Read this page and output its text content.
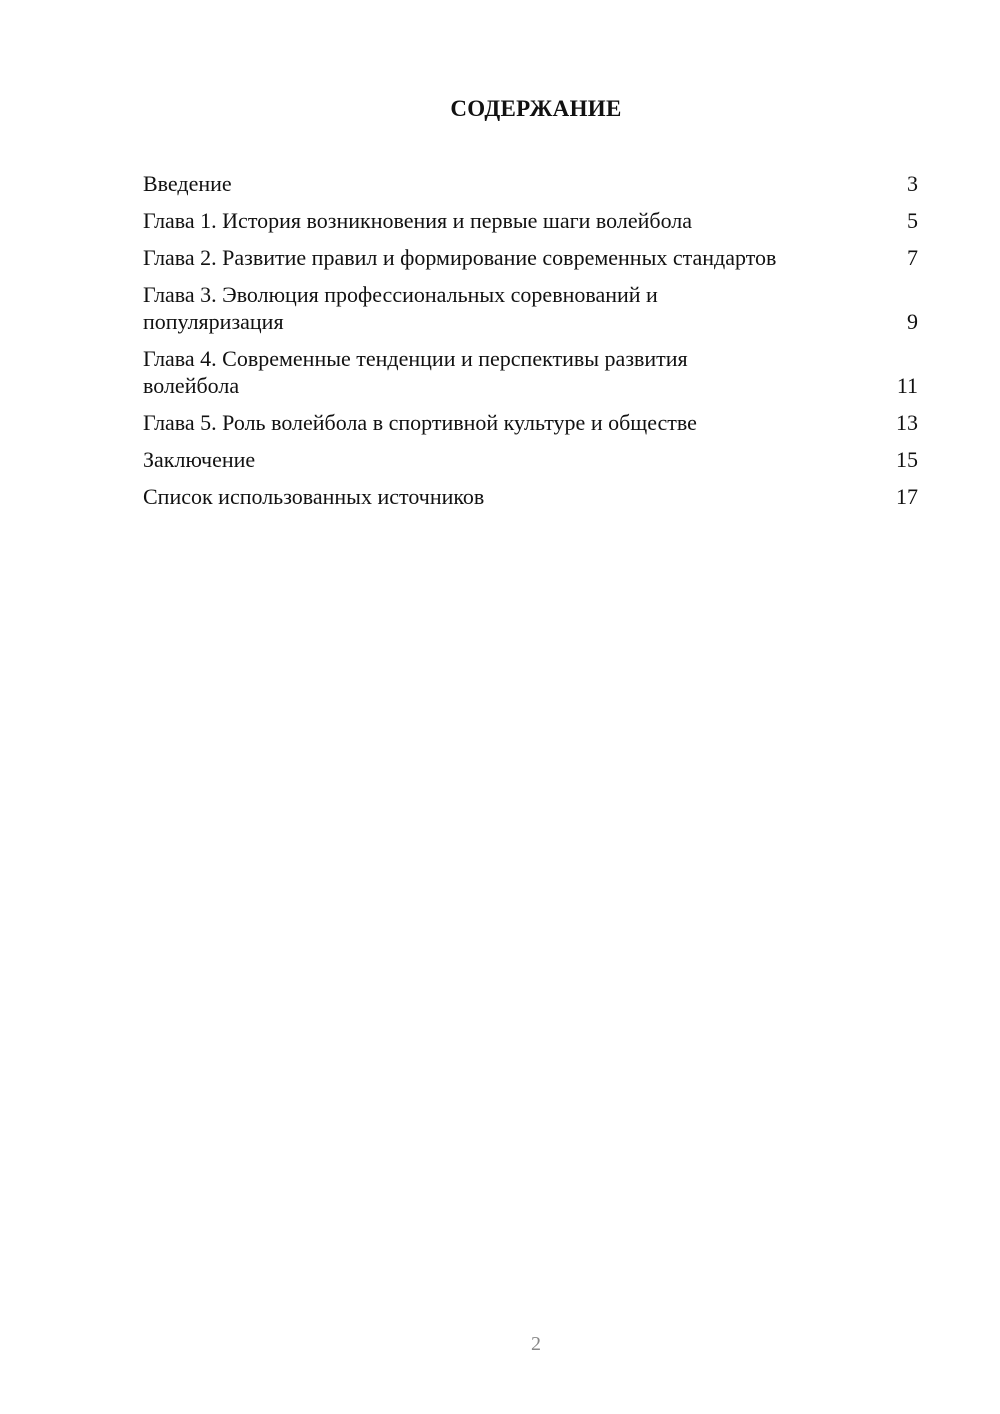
СОДЕРЖАНИЕ
Введение	3
Глава 1. История возникновения и первые шаги волейбола	5
Глава 2. Развитие правил и формирование современных стандартов	7
Глава 3. Эволюция профессиональных соревнований и популяризация	9
Глава 4. Современные тенденции и перспективы развития волейбола	11
Глава 5. Роль волейбола в спортивной культуре и обществе	13
Заключение	15
Список использованных источников	17
2
